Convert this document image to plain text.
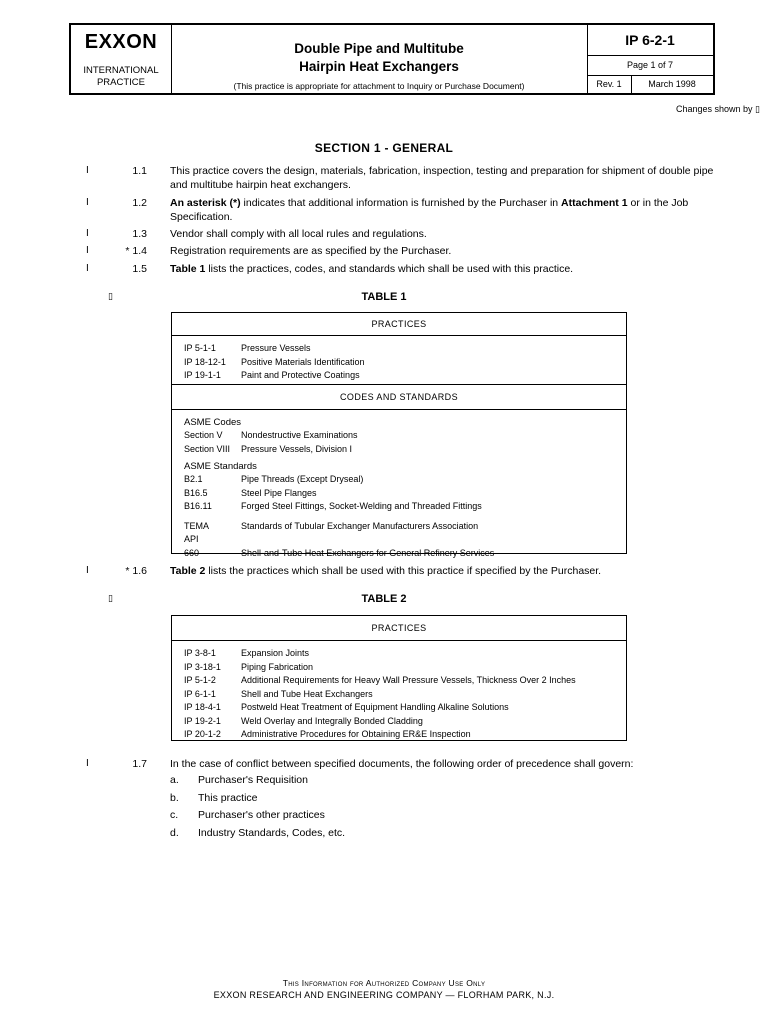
EXXON
INTERNATIONAL
PRACTICE
Double Pipe and Multitube
Hairpin Heat Exchangers
(This practice is appropriate for attachment to Inquiry or Purchase Document)
IP 6-2-1
Page 1 of 7
Rev. 1	March 1998
Changes shown by ▯
SECTION 1 - GENERAL
I	1.1 This practice covers the design, materials, fabrication, inspection, testing and preparation for shipment of double pipe and multitube hairpin heat exchangers.
I	1.2 An asterisk (*) indicates that additional information is furnished by the Purchaser in Attachment 1 or in the Job Specification.
I	1.3 Vendor shall comply with all local rules and regulations.
I	* 1.4 Registration requirements are as specified by the Purchaser.
I	1.5 Table 1 lists the practices, codes, and standards which shall be used with this practice.
▯	TABLE 1
PRACTICES
IP 5-1-1	Pressure Vessels
IP 18-12-1 Positive Materials Identification
IP 19-1-1 Paint and Protective Coatings
CODES AND STANDARDS
ASME Codes
Section V Nondestructive Examinations
Section VIII Pressure Vessels, Division I
ASME Standards
B2.1	Pipe Threads (Except Dryseal)
B16.5	Steel Pipe Flanges
B16.11	Forged Steel Fittings, Socket-Welding and Threaded Fittings
TEMA	Standards of Tubular Exchanger Manufacturers Association
API
660	Shell-and-Tube Heat Exchangers for General Refinery Services
I	* 1.6 Table 2 lists the practices which shall be used with this practice if specified by the Purchaser.
▯	TABLE 2
PRACTICES
IP 3-8-1	Expansion Joints
IP 3-18-1 Piping Fabrication
IP 5-1-2	Additional Requirements for Heavy Wall Pressure Vessels, Thickness Over 2 Inches
IP 6-1-1	Shell and Tube Heat Exchangers
IP 18-4-1 Postweld Heat Treatment of Equipment Handling Alkaline Solutions
IP 19-2-1 Weld Overlay and Integrally Bonded Cladding
IP 20-1-2 Administrative Procedures for Obtaining ER&E Inspection
I	1.7 In the case of conflict between specified documents, the following order of precedence shall govern:
a. Purchaser's Requisition
b. This practice
c. Purchaser's other practices
d. Industry Standards, Codes, etc.
This Information for Authorized Company Use Only
EXXON RESEARCH AND ENGINEERING COMPANY — FLORHAM PARK, N.J.
